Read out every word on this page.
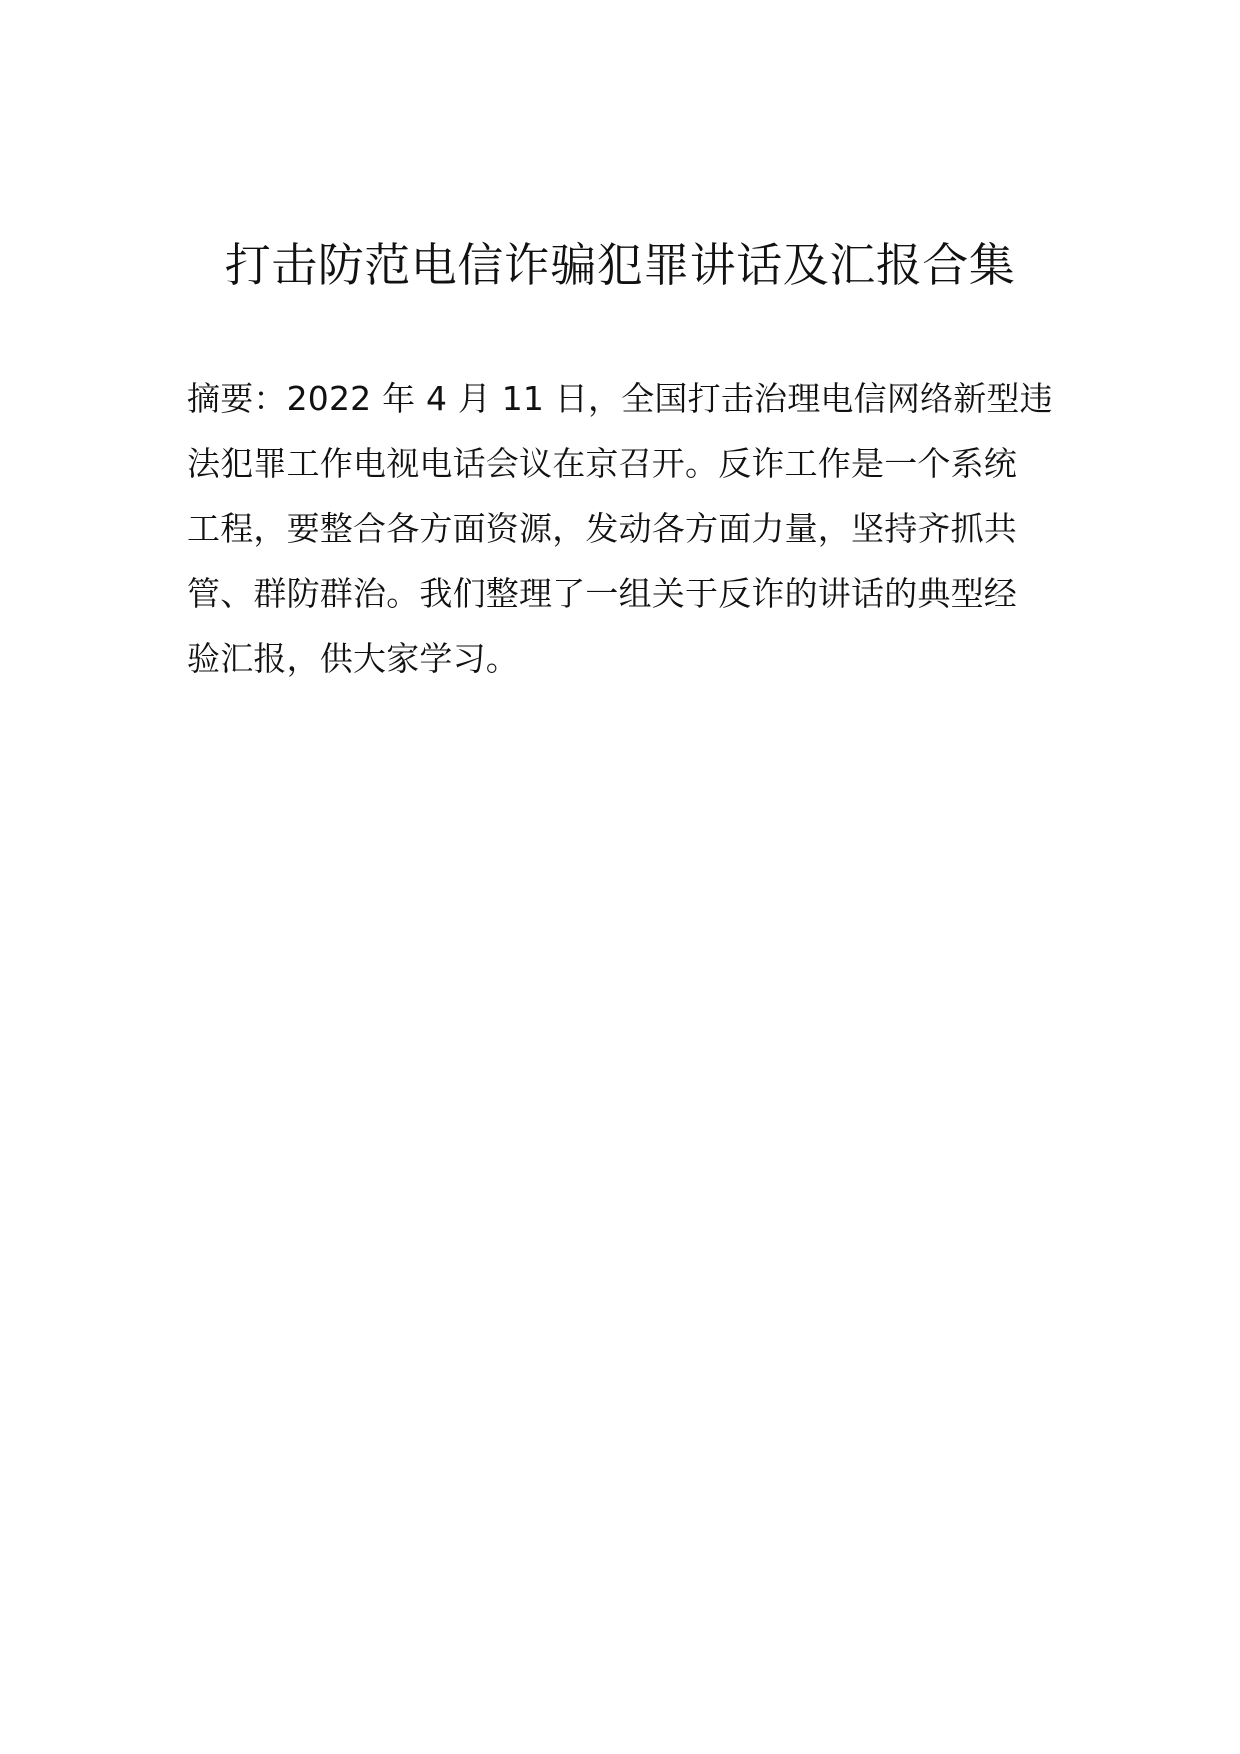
打击防范电信诈骗犯罪讲话及汇报合集
摘要：2022 年 4 月 11 日，全国打击治理电信网络新型违
法犯罪工作电视电话会议在京召开。反诈工作是一个系统
工程，要整合各方面资源，发动各方面力量，坚持齐抓共
管、群防群治。我们整理了一组关于反诈的讲话的典型经
验汇报，供大家学习。
